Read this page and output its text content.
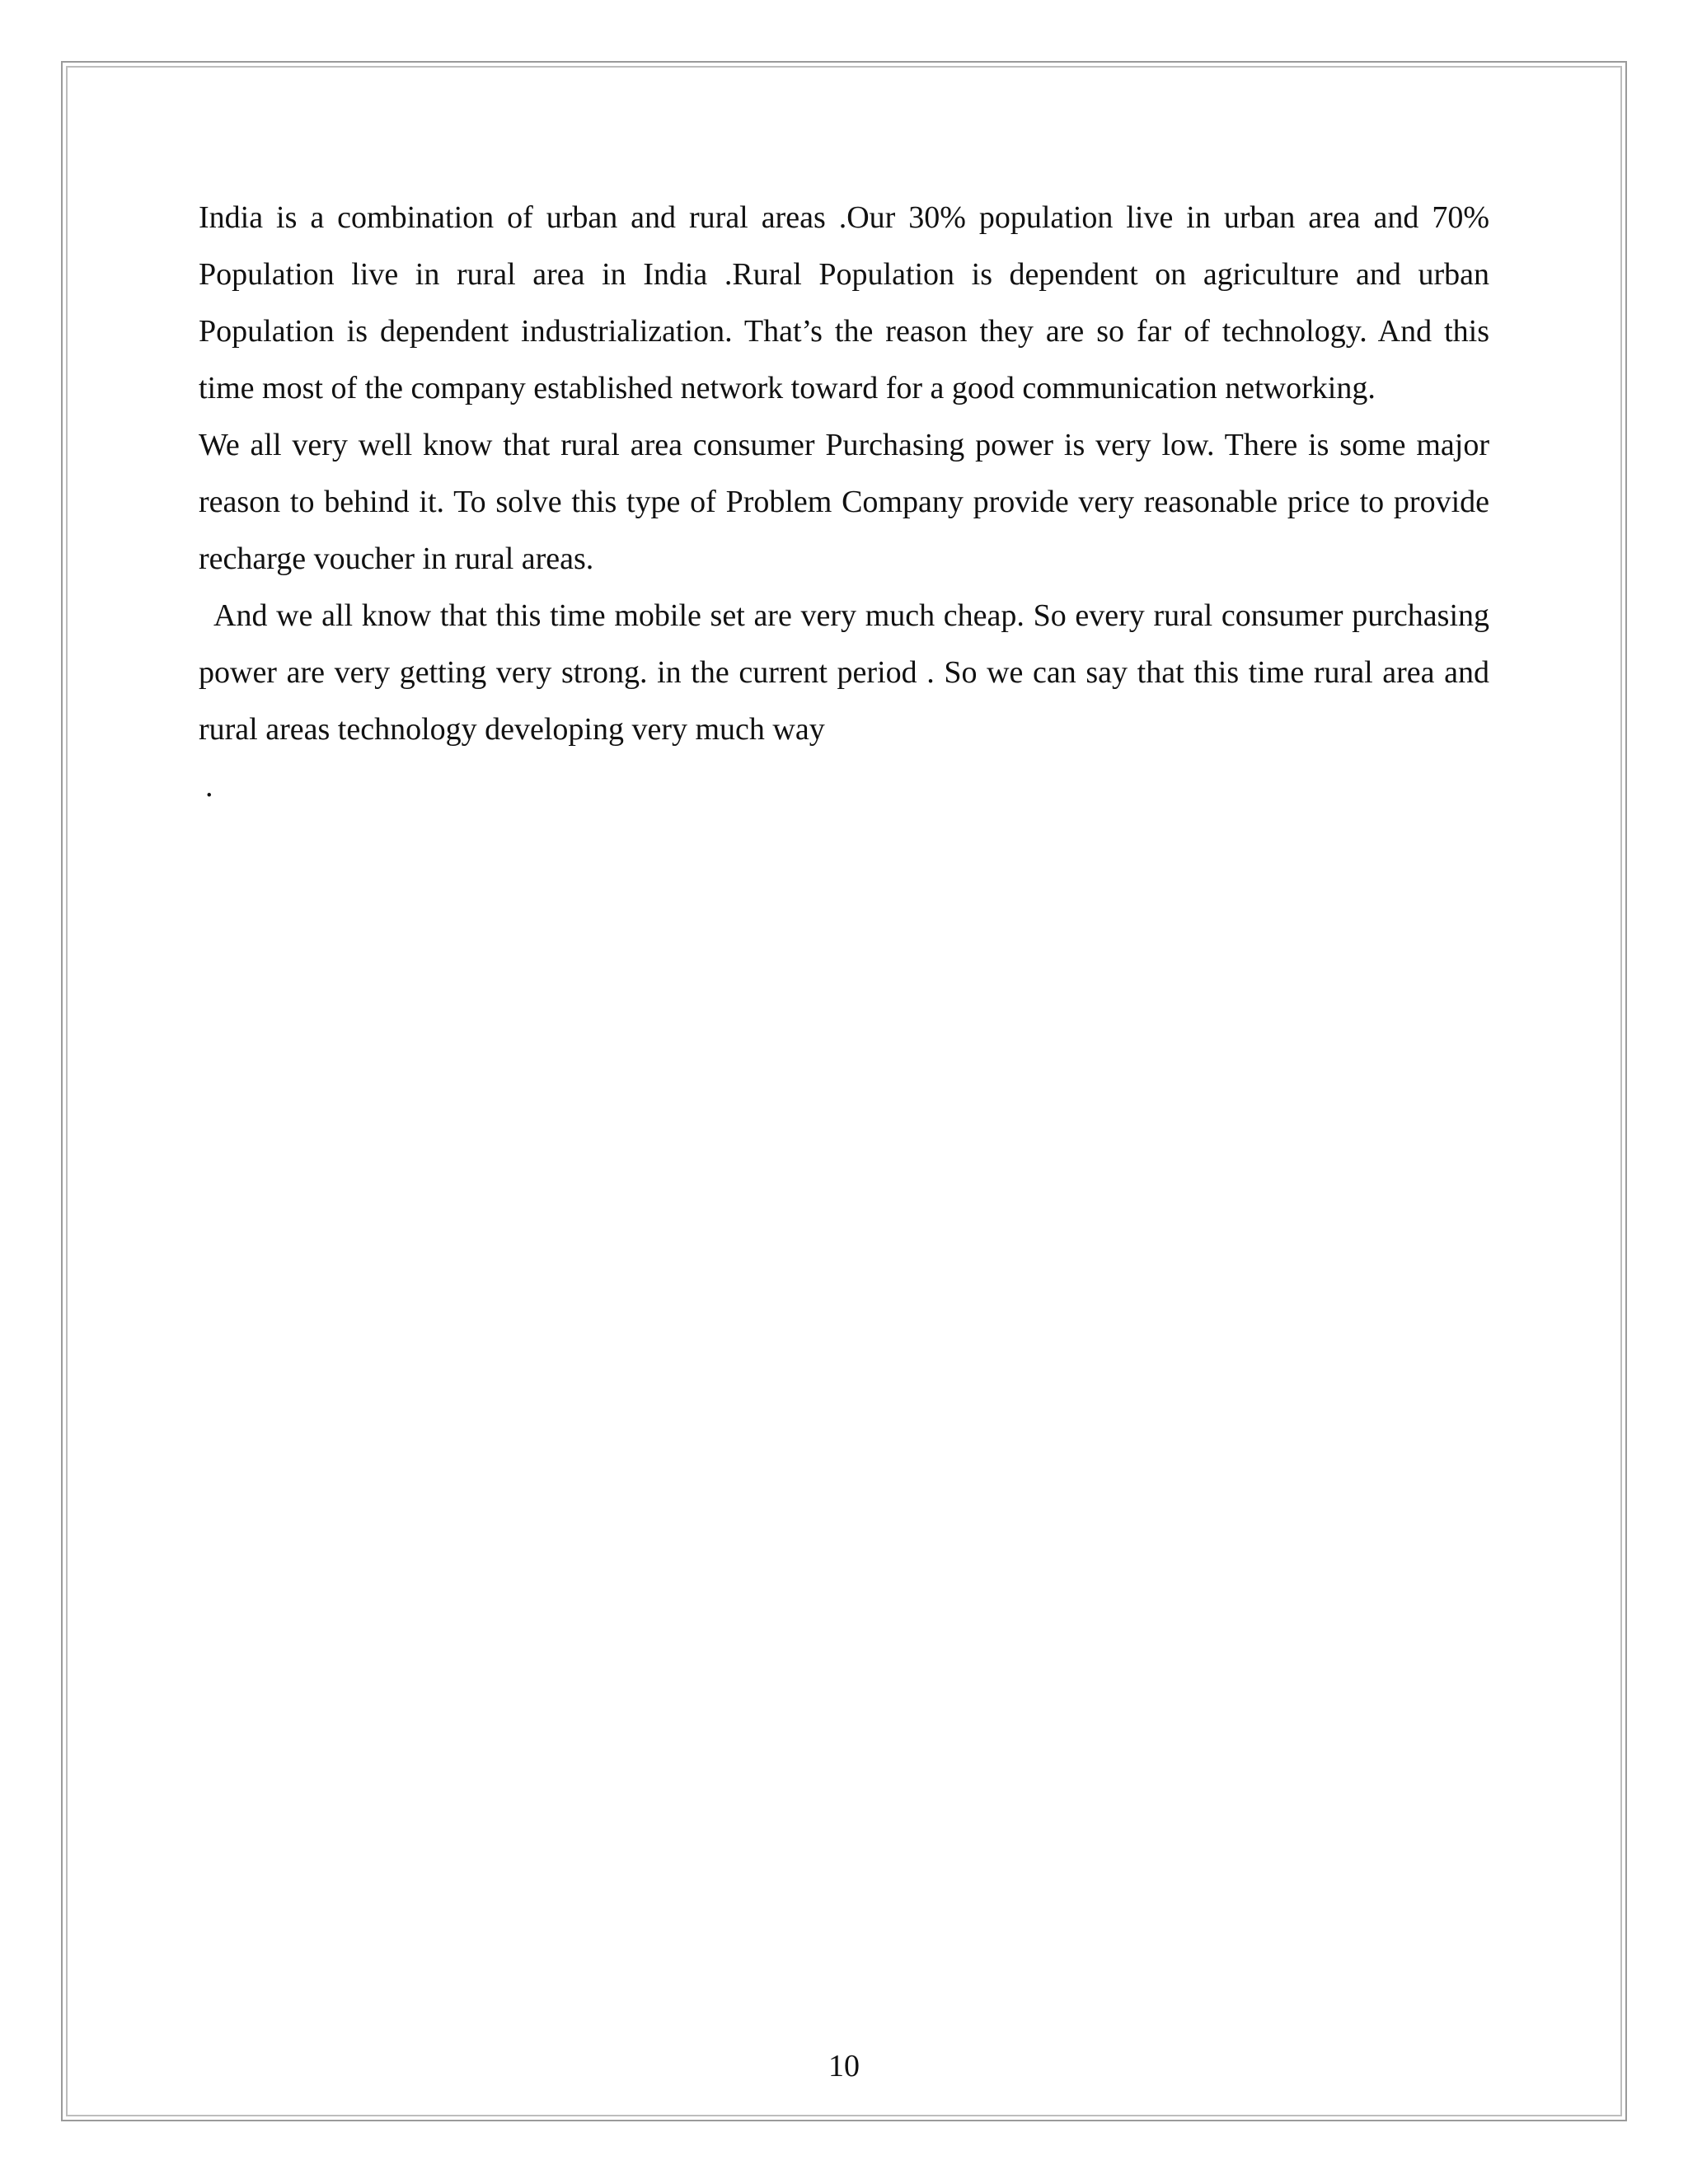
India is a combination of urban and rural areas .Our 30% population live in urban area and 70% Population live in rural area in India .Rural Population is dependent on agriculture and urban Population is dependent industrialization. That’s the reason they are so far of technology. And this time most of the company established network toward for a good communication networking.

We all very well know that rural area consumer Purchasing power is very low. There is some major reason to behind it. To solve this type of Problem Company provide very reasonable price to provide recharge voucher in rural areas.

And we all know that this time mobile set are very much cheap. So every rural consumer purchasing power are very getting very strong. in the current period . So we can say that this time rural area and rural areas technology developing very much way

.

10
